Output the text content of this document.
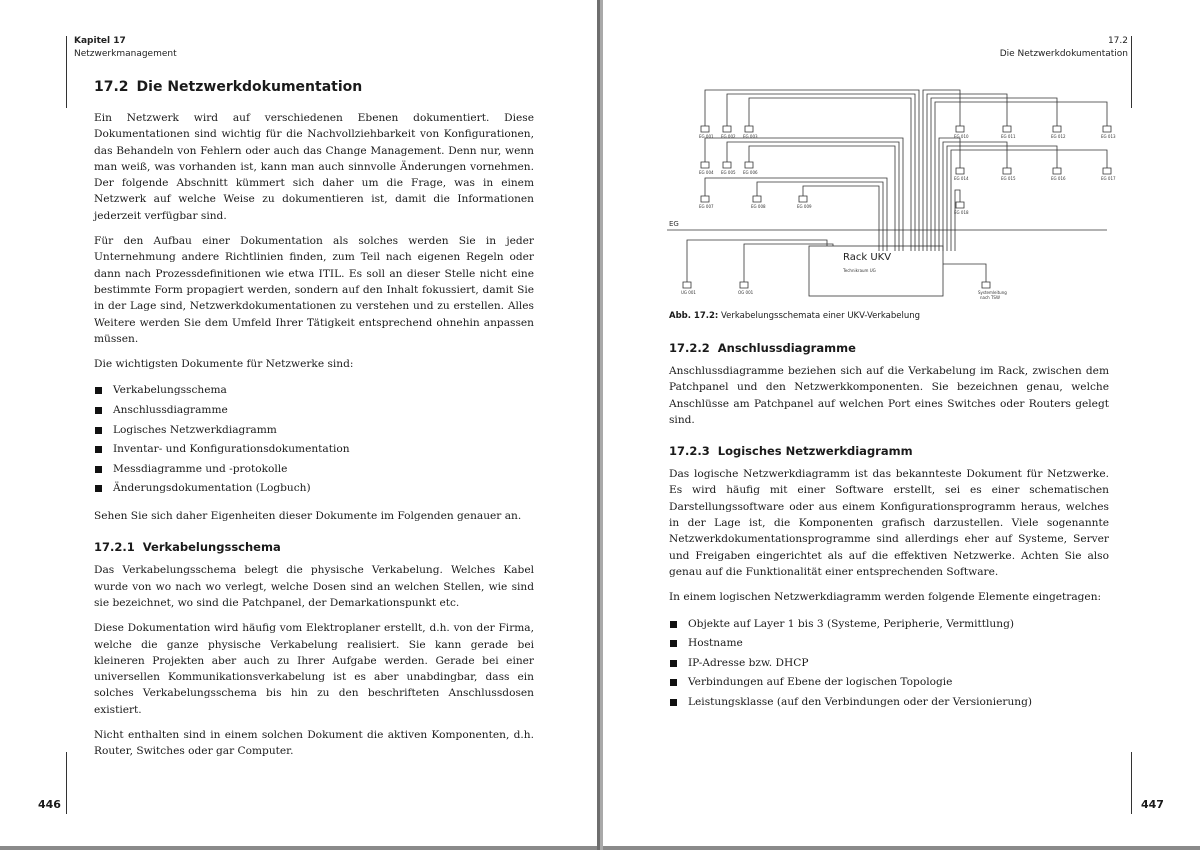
Kapitel 17
Netzwerkmanagement
17.2 Die Netzwerkdokumentation

Ein Netzwerk wird auf verschiedenen Ebenen dokumentiert. Diese Dokumentationen sind wichtig für die Nachvollziehbarkeit von Konfigurationen, das Behandeln von Fehlern oder auch das Change Management. Denn nur, wenn man weiß, was vorhanden ist, kann man auch sinnvolle Änderungen vornehmen. Der folgende Abschnitt kümmert sich daher um die Frage, was in einem Netzwerk auf welche Weise zu dokumentieren ist, damit die Informationen jederzeit verfügbar sind.

Für den Aufbau einer Dokumentation als solches werden Sie in jeder Unternehmung andere Richtlinien finden, zum Teil nach eigenen Regeln oder dann nach Prozessdefinitionen wie etwa ITIL. Es soll an dieser Stelle nicht eine bestimmte Form propagiert werden, sondern auf den Inhalt fokussiert, damit Sie in der Lage sind, Netzwerkdokumentationen zu verstehen und zu erstellen. Alles Weitere werden Sie dem Umfeld Ihrer Tätigkeit entsprechend ohnehin anpassen müssen.

Die wichtigsten Dokumente für Netzwerke sind:

Verkabelungsschema
Anschlussdiagramme
Logisches Netzwerkdiagramm
Inventar- und Konfigurationsdokumentation
Messdiagramme und -protokolle
Änderungsdokumentation (Logbuch)

Sehen Sie sich daher Eigenheiten dieser Dokumente im Folgenden genauer an.

17.2.1 Verkabelungsschema

Das Verkabelungsschema belegt die physische Verkabelung. Welches Kabel wurde von wo nach wo verlegt, welche Dosen sind an welchen Stellen, wie sind sie bezeichnet, wo sind die Patchpanel, der Demarkationspunkt etc.

Diese Dokumentation wird häufig vom Elektroplaner erstellt, d.h. von der Firma, welche die ganze physische Verkabelung realisiert. Sie kann gerade bei kleineren Projekten aber auch zu Ihrer Aufgabe werden. Gerade bei einer universellen Kommunikationsverkabelung ist es aber unabdingbar, dass ein solches Verkabelungsschema bis hin zu den beschrifteten Anschlussdosen existiert.

Nicht enthalten sind in einem solchen Dokument die aktiven Komponenten, d.h. Router, Switches oder gar Computer.

446
17.2
Die Netzwerkdokumentation
EG 001 EG 002 EG 003	EG 010	EG 011	EG 012	EG 013
EG 004 EG 005 EG 006
EG 014	EG 015	EG 016	EG 017
EG 007	EG 008	EG 009
EG 018
UG 001	OG 001	Systemleitung
nach TSW
EG
Rack UKV
Technikraum UG
Abb. 17.2: Verkabelungsschemata einer UKV-Verkabelung
17.2.2 Anschlussdiagramme

Anschlussdiagramme beziehen sich auf die Verkabelung im Rack, zwischen dem Patchpanel und den Netzwerkkomponenten. Sie bezeichnen genau, welche Anschlüsse am Patchpanel auf welchen Port eines Switches oder Routers gelegt sind.

17.2.3 Logisches Netzwerkdiagramm

Das logische Netzwerkdiagramm ist das bekannteste Dokument für Netzwerke. Es wird häufig mit einer Software erstellt, sei es einer schematischen Darstellungssoftware oder aus einem Konfigurationsprogramm heraus, welches in der Lage ist, die Komponenten grafisch darzustellen. Viele sogenannte Netzwerkdokumentationsprogramme sind allerdings eher auf Systeme, Server und Freigaben eingerichtet als auf die effektiven Netzwerke. Achten Sie also genau auf die Funktionalität einer entsprechenden Software.

In einem logischen Netzwerkdiagramm werden folgende Elemente eingetragen:

Objekte auf Layer 1 bis 3 (Systeme, Peripherie, Vermittlung)
Hostname
IP-Adresse bzw. DHCP
Verbindungen auf Ebene der logischen Topologie
Leistungsklasse (auf den Verbindungen oder der Versionierung)
447
